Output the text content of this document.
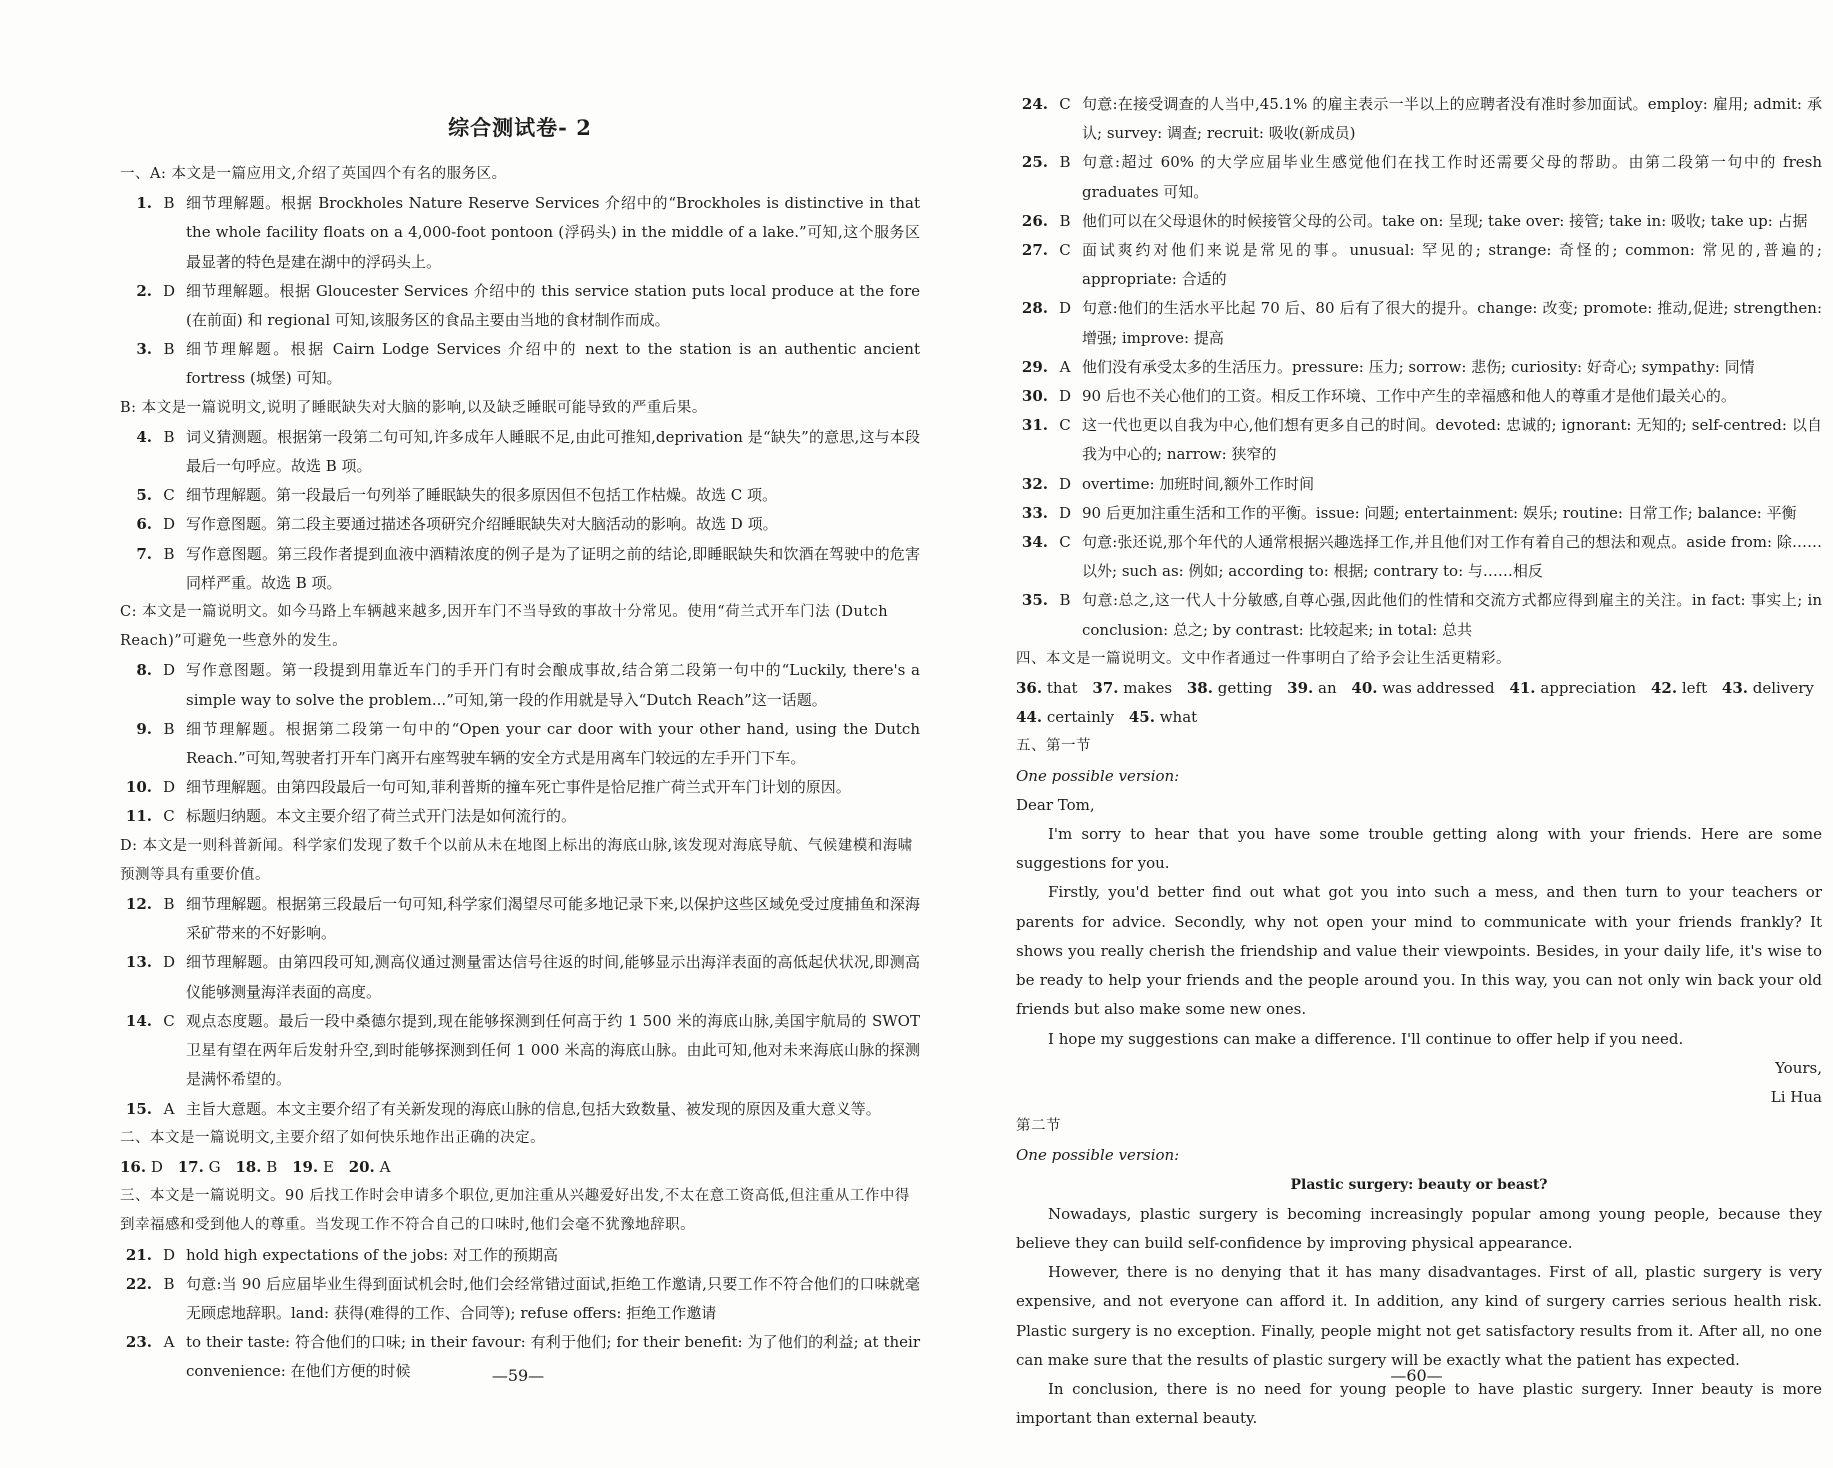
综合测试卷- 2

一、A: 本文是一篇应用文,介绍了英国四个有名的服务区。

1. B 细节理解题。根据 Brockholes Nature Reserve Services 介绍中的“Brockholes is distinctive in that the whole facility floats on a 4,000-foot pontoon (浮码头) in the middle of a lake.”可知,这个服务区最显著的特色是建在湖中的浮码头上。
2. D 细节理解题。根据 Gloucester Services 介绍中的 this service station puts local produce at the fore (在前面) 和 regional 可知,该服务区的食品主要由当地的食材制作而成。
3. B 细节理解题。根据 Cairn Lodge Services 介绍中的 next to the station is an authentic ancient fortress (城堡) 可知。

B: 本文是一篇说明文,说明了睡眠缺失对大脑的影响,以及缺乏睡眠可能导致的严重后果。

4. B 词义猜测题。根据第一段第二句可知,许多成年人睡眠不足,由此可推知,deprivation 是“缺失”的意思,这与本段最后一句呼应。故选 B 项。
5. C 细节理解题。第一段最后一句列举了睡眠缺失的很多原因但不包括工作枯燥。故选 C 项。
6. D 写作意图题。第二段主要通过描述各项研究介绍睡眠缺失对大脑活动的影响。故选 D 项。
7. B 写作意图题。第三段作者提到血液中酒精浓度的例子是为了证明之前的结论,即睡眠缺失和饮酒在驾驶中的危害同样严重。故选 B 项。

C: 本文是一篇说明文。如今马路上车辆越来越多,因开车门不当导致的事故十分常见。使用“荷兰式开车门法 (Dutch Reach)”可避免一些意外的发生。

8. D 写作意图题。第一段提到用靠近车门的手开门有时会酿成事故,结合第二段第一句中的“Luckily, there's a simple way to solve the problem...”可知,第一段的作用就是导入“Dutch Reach”这一话题。
9. B 细节理解题。根据第二段第一句中的“Open your car door with your other hand, using the Dutch Reach.”可知,驾驶者打开车门离开右座驾驶车辆的安全方式是用离车门较远的左手开门下车。
10. D 细节理解题。由第四段最后一句可知,菲利普斯的撞车死亡事件是恰尼推广荷兰式开车门计划的原因。
11. C 标题归纳题。本文主要介绍了荷兰式开门法是如何流行的。

D: 本文是一则科普新闻。科学家们发现了数千个以前从未在地图上标出的海底山脉,该发现对海底导航、气候建模和海啸预测等具有重要价值。

12. B 细节理解题。根据第三段最后一句可知,科学家们渴望尽可能多地记录下来,以保护这些区域免受过度捕鱼和深海采矿带来的不好影响。
13. D 细节理解题。由第四段可知,测高仪通过测量雷达信号往返的时间,能够显示出海洋表面的高低起伏状况,即测高仪能够测量海洋表面的高度。
14. C 观点态度题。最后一段中桑德尔提到,现在能够探测到任何高于约 1 500 米的海底山脉,美国宇航局的 SWOT 卫星有望在两年后发射升空,到时能够探测到任何 1 000 米高的海底山脉。由此可知,他对未来海底山脉的探测是满怀希望的。
15. A 主旨大意题。本文主要介绍了有关新发现的海底山脉的信息,包括大致数量、被发现的原因及重大意义等。

二、本文是一篇说明文,主要介绍了如何快乐地作出正确的决定。

16. D 17. G 18. B 19. E 20. A

三、本文是一篇说明文。90 后找工作时会申请多个职位,更加注重从兴趣爱好出发,不太在意工资高低,但注重从工作中得到幸福感和受到他人的尊重。当发现工作不符合自己的口味时,他们会毫不犹豫地辞职。

21. D hold high expectations of the jobs: 对工作的预期高
22. B 句意:当 90 后应届毕业生得到面试机会时,他们会经常错过面试,拒绝工作邀请,只要工作不符合他们的口味就毫无顾虑地辞职。land: 获得(难得的工作、合同等); refuse offers: 拒绝工作邀请
23. A to their taste: 符合他们的口味; in their favour: 有利于他们; for their benefit: 为了他们的利益; at their convenience: 在他们方便的时候	—59—
24. C 句意:在接受调查的人当中,45.1% 的雇主表示一半以上的应聘者没有准时参加面试。employ: 雇用; admit: 承认; survey: 调查; recruit: 吸收(新成员)
25. B 句意:超过 60% 的大学应届毕业生感觉他们在找工作时还需要父母的帮助。由第二段第一句中的 fresh graduates 可知。
26. B 他们可以在父母退休的时候接管父母的公司。take on: 呈现; take over: 接管; take in: 吸收; take up: 占据
27. C 面试爽约对他们来说是常见的事。unusual: 罕见的; strange: 奇怪的; common: 常见的,普遍的; appropriate: 合适的
28. D 句意:他们的生活水平比起 70 后、80 后有了很大的提升。change: 改变; promote: 推动,促进; strengthen: 增强; improve: 提高
29. A 他们没有承受太多的生活压力。pressure: 压力; sorrow: 悲伤; curiosity: 好奇心; sympathy: 同情
30. D 90 后也不关心他们的工资。相反工作环境、工作中产生的幸福感和他人的尊重才是他们最关心的。
31. C 这一代也更以自我为中心,他们想有更多自己的时间。devoted: 忠诚的; ignorant: 无知的; self-centred: 以自我为中心的; narrow: 狭窄的
32. D overtime: 加班时间,额外工作时间
33. D 90 后更加注重生活和工作的平衡。issue: 问题; entertainment: 娱乐; routine: 日常工作; balance: 平衡
34. C 句意:张还说,那个年代的人通常根据兴趣选择工作,并且他们对工作有着自己的想法和观点。aside from: 除……以外; such as: 例如; according to: 根据; contrary to: 与……相反
35. B 句意:总之,这一代人十分敏感,自尊心强,因此他们的性情和交流方式都应得到雇主的关注。in fact: 事实上; in conclusion: 总之; by contrast: 比较起来; in total: 总共

四、本文是一篇说明文。文中作者通过一件事明白了给予会让生活更精彩。

36. that 37. makes 38. getting 39. an 40. was addressed 41. appreciation 42. left 43. delivery

44. certainly 45. what

五、第一节

One possible version:

Dear Tom,

I'm sorry to hear that you have some trouble getting along with your friends. Here are some suggestions for you.

Firstly, you'd better find out what got you into such a mess, and then turn to your teachers or parents for advice. Secondly, why not open your mind to communicate with your friends frankly? It shows you really cherish the friendship and value their viewpoints. Besides, in your daily life, it's wise to be ready to help your friends and the people around you. In this way, you can not only win back your old friends but also make some new ones.

I hope my suggestions can make a difference. I'll continue to offer help if you need.

Yours,

Li Hua

第二节

One possible version:

Plastic surgery: beauty or beast?

Nowadays, plastic surgery is becoming increasingly popular among young people, because they believe they can build self-confidence by improving physical appearance.

However, there is no denying that it has many disadvantages. First of all, plastic surgery is very expensive, and not everyone can afford it. In addition, any kind of surgery carries serious health risk. Plastic surgery is no exception. Finally, people might not get satisfactory results from it. After all, no one can make sure that the results of plastic surgery will be exactly what the patient has expected.

In conclusion, there is no need for young people to have plastic surgery. Inner beauty is more important than external beauty.

—60—
